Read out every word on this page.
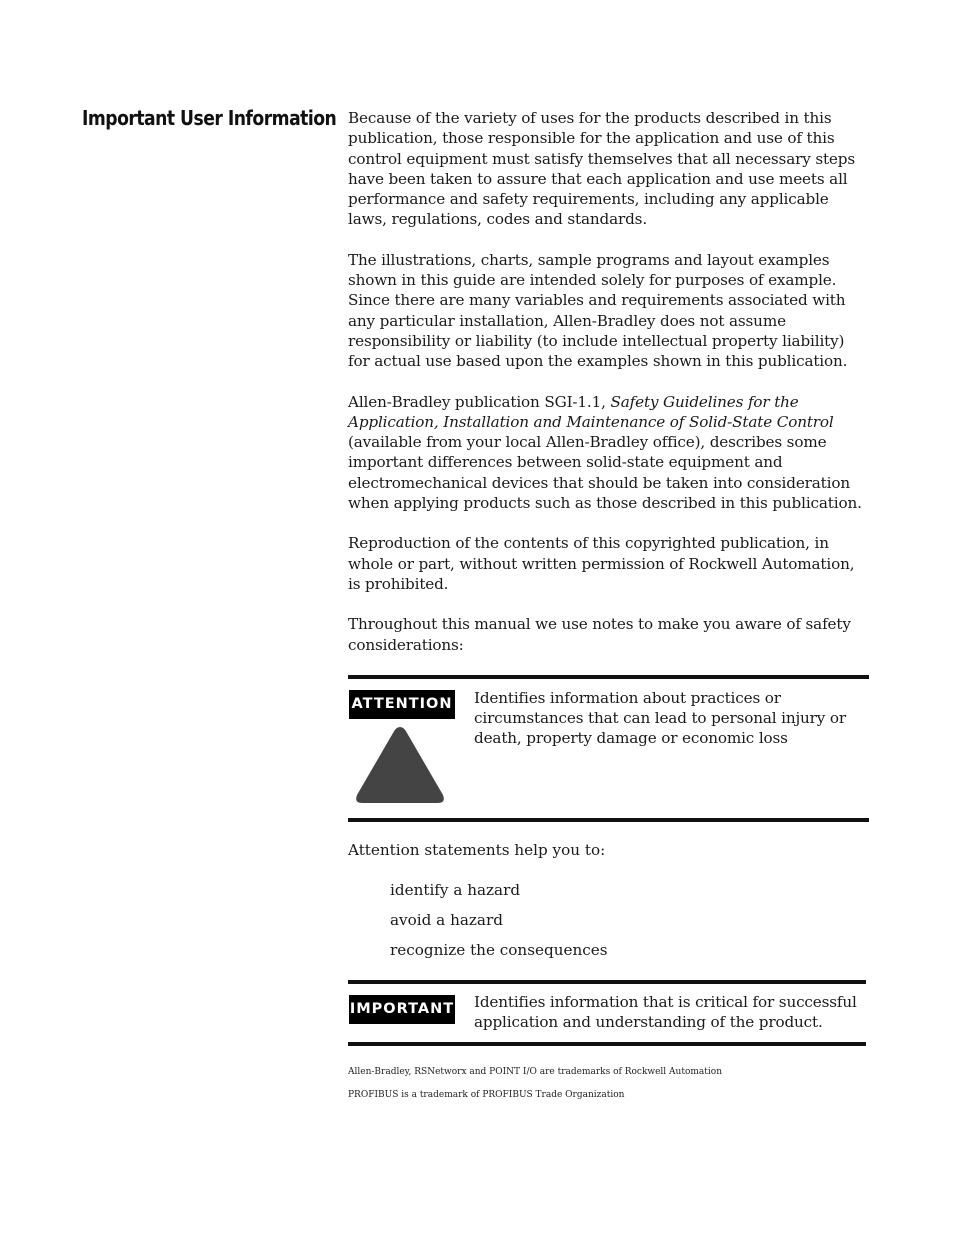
Important User Information Because of the variety of uses for the products described in this publication, those responsible for the application and use of this control equipment must satisfy themselves that all necessary steps have been taken to assure that each application and use meets all performance and safety requirements, including any applicable laws, regulations, codes and standards.

The illustrations, charts, sample programs and layout examples shown in this guide are intended solely for purposes of example. Since there are many variables and requirements associated with any particular installation, Allen-Bradley does not assume responsibility or liability (to include intellectual property liability) for actual use based upon the examples shown in this publication.

Allen-Bradley publication SGI-1.1, Safety Guidelines for the Application, Installation and Maintenance of Solid-State Control (available from your local Allen-Bradley office), describes some important differences between solid-state equipment and electromechanical devices that should be taken into consideration when applying products such as those described in this publication.

Reproduction of the contents of this copyrighted publication, in whole or part, without written permission of Rockwell Automation, is prohibited.

Throughout this manual we use notes to make you aware of safety considerations:

ATTENTION Identifies information about practices or circumstances that can lead to personal injury or death, property damage or economic loss

Attention statements help you to:

identify a hazard
avoid a hazard
recognize the consequences
IMPORTANT Identifies information that is critical for successful application and understanding of the product.

Allen-Bradley, RSNetworx and POINT I/O are trademarks of Rockwell Automation

PROFIBUS is a trademark of PROFIBUS Trade Organization
